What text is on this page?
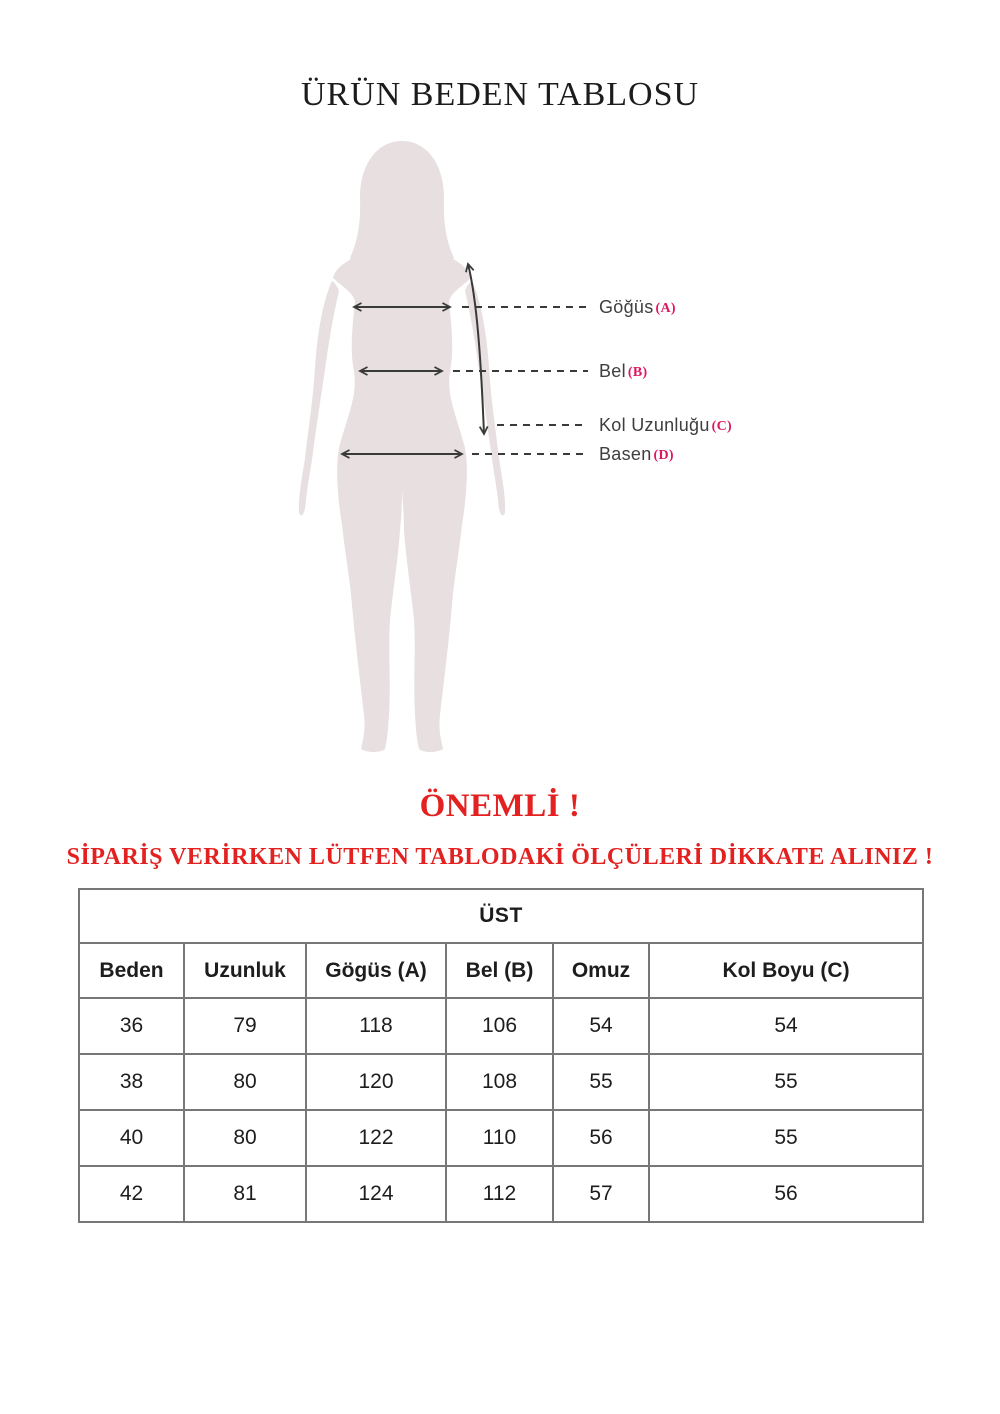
ÜRÜN BEDEN TABLOSU
Göğüs (A)
Bel (B)
Kol Uzunluğu (C)
Basen (D)
ÖNEMLİ !
SİPARİŞ VERİRKEN LÜTFEN TABLODAKİ ÖLÇÜLERİ DİKKATE ALINIZ !
ÜST					
Beden	Uzunluk	Gögüs (A)	Bel (B)	Omuz	Kol Boyu (C)
36	79	118	106	54	54
38	80	120	108	55	55
40	80	122	110	56	55
42	81	124	112	57	56
